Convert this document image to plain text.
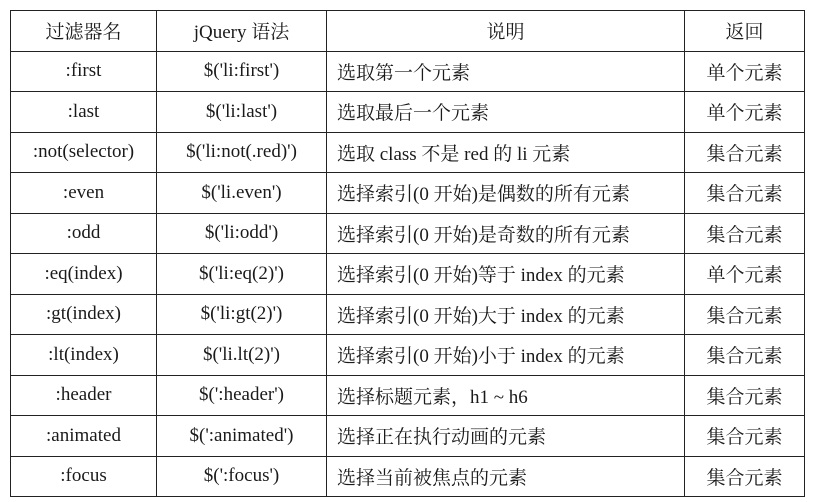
过滤器名	jQuery 语法	说明	返回
:first	$('li:first')	选取第一个元素	单个元素
:last	$('li:last')	选取最后一个元素	单个元素
:not(selector)	$('li:not(.red)')	选取 class 不是 red 的 li 元素	集合元素
:even	$('li.even')	选择索引(0 开始)是偶数的所有元素	集合元素
:odd	$('li:odd')	选择索引(0 开始)是奇数的所有元素	集合元素
:eq(index)	$('li:eq(2)')	选择索引(0 开始)等于 index 的元素	单个元素
:gt(index)	$('li:gt(2)')	选择索引(0 开始)大于 index 的元素	集合元素
:lt(index)	$('li.lt(2)')	选择索引(0 开始)小于 index 的元素	集合元素
:header	$(':header')	选择标题元素，h1 ~ h6	集合元素
:animated	$(':animated')	选择正在执行动画的元素	集合元素
:focus	$(':focus')	选择当前被焦点的元素	集合元素
